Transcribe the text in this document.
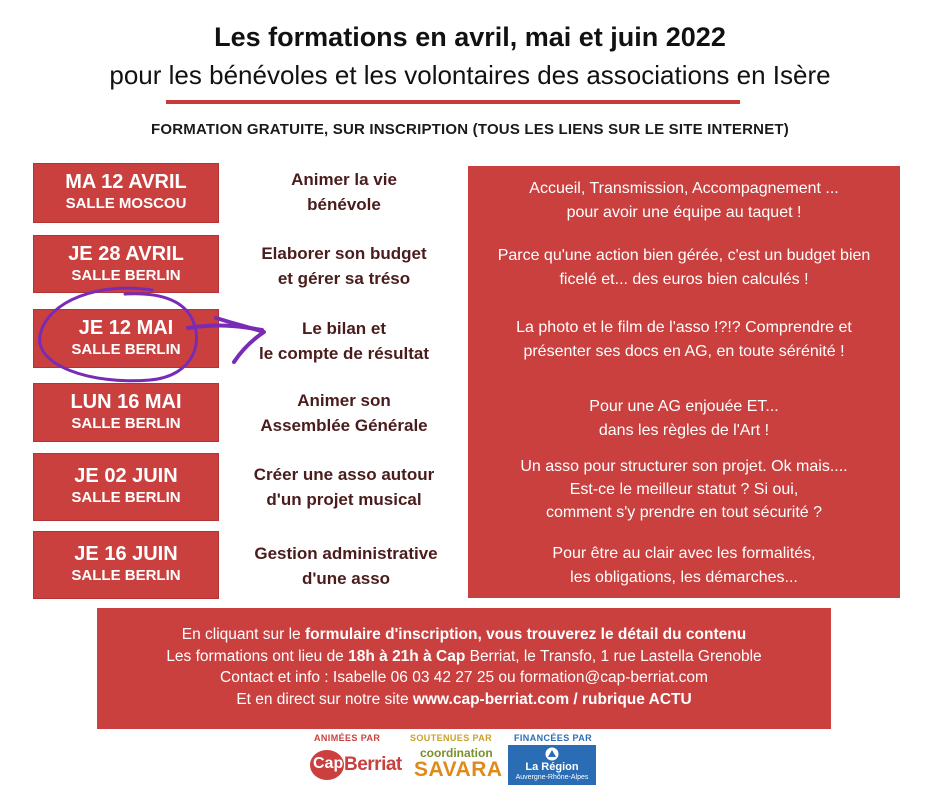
Les formations en avril, mai et juin 2022
pour les bénévoles et les volontaires des associations en Isère
FORMATION GRATUITE, SUR INSCRIPTION (TOUS LES LIENS SUR LE SITE INTERNET)
MA 12 AVRIL
SALLE MOSCOU
JE 28 AVRIL
SALLE BERLIN
JE 12 MAI
SALLE BERLIN
LUN 16 MAI
SALLE BERLIN
JE 02 JUIN
SALLE BERLIN
JE 16 JUIN
SALLE BERLIN
Animer la vie
bénévole
Elaborer son budget
et gérer sa tréso
Le bilan et
le compte de résultat
Animer son
Assemblée Générale
Créer une asso autour
d'un projet musical
Gestion administrative
d'une asso
Accueil, Transmission, Accompagnement ...
pour avoir une équipe au taquet !
Parce qu'une action bien gérée, c'est un budget bien
ficelé et... des euros bien calculés !
La photo et le film de l'asso !?!? Comprendre et
présenter ses docs en AG, en toute sérénité !
Pour une AG enjouée ET...
dans les règles de l'Art !
Un asso pour structurer son projet. Ok mais....
Est-ce le meilleur statut ? Si oui,
comment s'y prendre en tout sécurité ?
Pour être au clair avec les formalités,
les obligations, les démarches...
En cliquant sur le formulaire d'inscription, vous trouverez le détail du contenu
Les formations ont lieu de 18h à 21h à Cap Berriat, le Transfo, 1 rue Lastella Grenoble
Contact et info : Isabelle 06 03 42 27 25 ou formation@cap-berriat.com
Et en direct sur notre site www.cap-berriat.com / rubrique ACTU
ANIMÉES PAR	SOUTENUES PAR FINANCÉES PAR
Cap Berriat
coordination
SAVARA	La Région
Auvergne-Rhône-Alpes
